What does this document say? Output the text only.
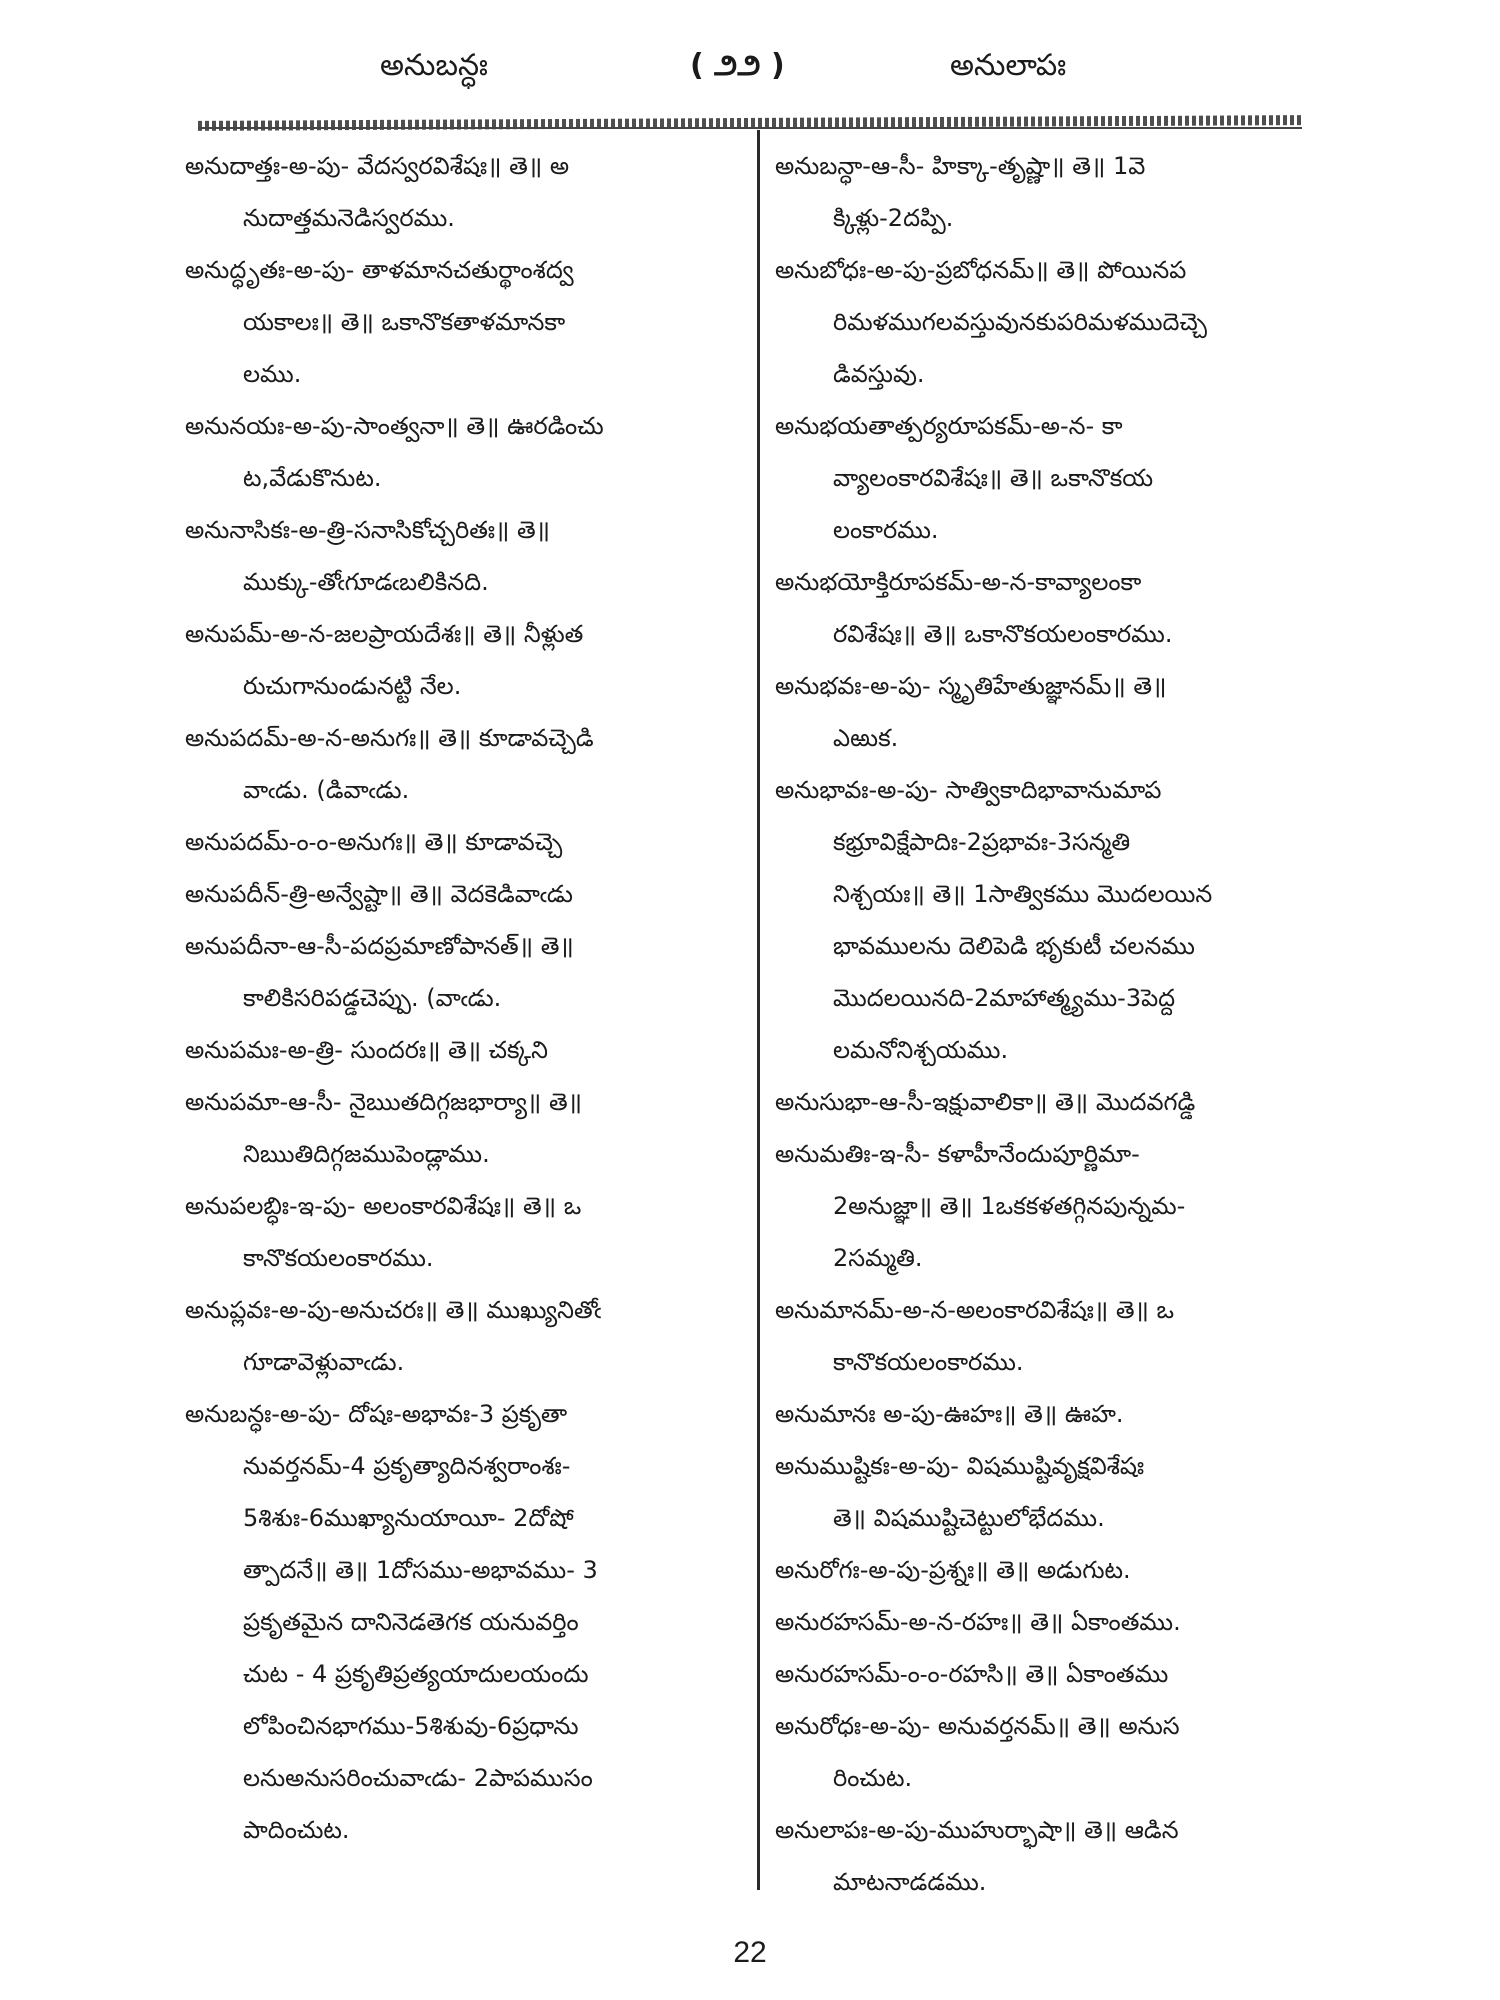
అనుబన్ధః	( ౨౨ )	అనులాపః
అనుదాత్తః-అ-పు- వేదస్వరవిశేషః॥ తె॥ అ
నుదాత్తమనెడిస్వరము.
అనుద్ధృతః-అ-పు- తాళమానచతుర్థాంశద్వ
యకాలః॥ తె॥ ఒకానొకతాళమానకా
లము.
అనునయః-అ-పు-సాంత్వనా॥ తె॥ ఊరడించు
ట,వేడుకొనుట.
అనునాసికః-అ-త్రి-సనాసికోచ్చరితః॥ తె॥
ముక్కు-తోఁగూడఁబలికినది.
అనుపమ్-అ-న-జలప్రాయదేశః॥ తె॥ నీళ్లుత
రుచుగానుండునట్టి నేల.
అనుపదమ్-అ-న-అనుగః॥ తె॥ కూడావచ్చెడి
వాఁడు. (డివాఁడు.
అనుపదమ్-ం-ం-అనుగః॥ తె॥ కూడావచ్చె
అనుపదీన్-త్రి-అన్వేష్టా॥ తె॥ వెదకెడివాఁడు
అనుపదీనా-ఆ-సీ-పదప్రమాణోపానత్॥ తె॥
కాలికిసరిపడ్డచెప్పు. (వాఁడు.
అనుపమః-అ-త్రి- సుందరః॥ తె॥ చక్కని
అనుపమా-ఆ-సీ- నైఋతదిగ్గజభార్యా॥ తె॥
నిఋతిదిగ్గజముపెండ్లాము.
అనుపలబ్ధిః-ఇ-పు- అలంకారవిశేషః॥ తె॥ ఒ
కానొకయలంకారము.
అనుప్లవః-అ-పు-అనుచరః॥ తె॥ ముఖ్యునితోఁ
గూడావెళ్లువాఁడు.
అనుబన్ధః-అ-పు- దోషః-అభావః-3 ప్రకృతా
నువర్తనమ్-4 ప్రకృత్యాదినశ్వరాంశః-
5శిశుః-6ముఖ్యానుయాయీ- 2దోషో
త్పాదనే॥ తె॥ 1దోసము-అభావము- 3
ప్రకృతమైన దానినెడతెగక యనువర్తిం
చుట - 4 ప్రకృతిప్రత్యయాదులయందు
లోపించినభాగము-5శిశువు-6ప్రధాను
లనుఅనుసరించువాఁడు- 2పాపముసం
పాదించుట.
అనుబన్ధా-ఆ-సీ- హిక్కా-తృష్ణా॥ తె॥ 1వె
క్కిళ్లు-2దప్పి.
అనుబోధః-అ-పు-ప్రబోధనమ్॥ తె॥ పోయినప
రిమళముగలవస్తువునకుపరిమళముదెచ్చె
డివస్తువు.
అనుభయతాత్పర్యరూపకమ్-అ-న- కా
వ్యాలంకారవిశేషః॥ తె॥ ఒకానొకయ
లంకారము.
అనుభయోక్తిరూపకమ్-అ-న-కావ్యాలంకా
రవిశేషః॥ తె॥ ఒకానొకయలంకారము.
అనుభవః-అ-పు- స్మృతిహేతుజ్ఞానమ్॥ తె॥
ఎఱుక.
అనుభావః-అ-పు- సాత్వికాదిభావానుమాప
కభ్రూవిక్షేపాదిః-2ప్రభావః-3సన్మతి
నిశ్చయః॥ తె॥ 1సాత్వికము మొదలయిన
భావములను దెలిపెడి భృకుటీ చలనము
మొదలయినది-2మాహాత్మ్యము-3పెద్ద
లమనోనిశ్చయము.
అనుసుభా-ఆ-సీ-ఇక్షువాలికా॥ తె॥ మొదవగడ్డి
అనుమతిః-ఇ-సీ- కళాహీనేందుపూర్ణిమా-
2అనుజ్ఞా॥ తె॥ 1ఒకకళతగ్గినపున్నమ-
2సమ్మతి.
అనుమానమ్-అ-న-అలంకారవిశేషః॥ తె॥ ఒ
కానొకయలంకారము.
అనుమానః అ-పు-ఊహః॥ తె॥ ఊహ.
అనుముష్టికః-అ-పు- విషముష్టివృక్షవిశేషః
తె॥ విషముష్టిచెట్టులోభేదము.
అనురోగః-అ-పు-ప్రశ్నః॥ తె॥ అడుగుట.
అనురహసమ్-అ-న-రహః॥ తె॥ ఏకాంతము.
అనురహసమ్-ం-ం-రహసి॥ తె॥ ఏకాంతము
అనురోధః-అ-పు- అనువర్తనమ్॥ తె॥ అనుస
రించుట.
అనులాపః-అ-పు-ముహుర్భాషా॥ తె॥ ఆడిన
మాటనాడడము.
22
